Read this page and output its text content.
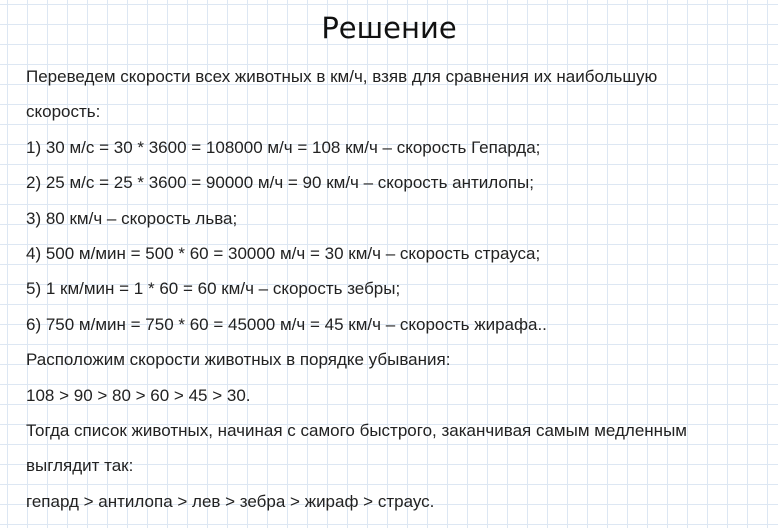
Решение
Переведем скорости всех животных в км/ч, взяв для сравнения их наибольшую
скорость:
1) 30 м/с = 30 * 3600 = 108000 м/ч = 108 км/ч – скорость Гепарда;
2) 25 м/с = 25 * 3600 = 90000 м/ч = 90 км/ч – скорость антилопы;
3) 80 км/ч – скорость льва;
4) 500 м/мин = 500 * 60 = 30000 м/ч = 30 км/ч – скорость страуса;
5) 1 км/мин = 1 * 60 = 60 км/ч – скорость зебры;
6) 750 м/мин = 750 * 60 = 45000 м/ч = 45 км/ч – скорость жирафа..
Расположим скорости животных в порядке убывания:
108 > 90 > 80 > 60 > 45 > 30.
Тогда список животных, начиная с самого быстрого, заканчивая самым медленным
выглядит так:
гепард > антилопа > лев > зебра > жираф > страус.
